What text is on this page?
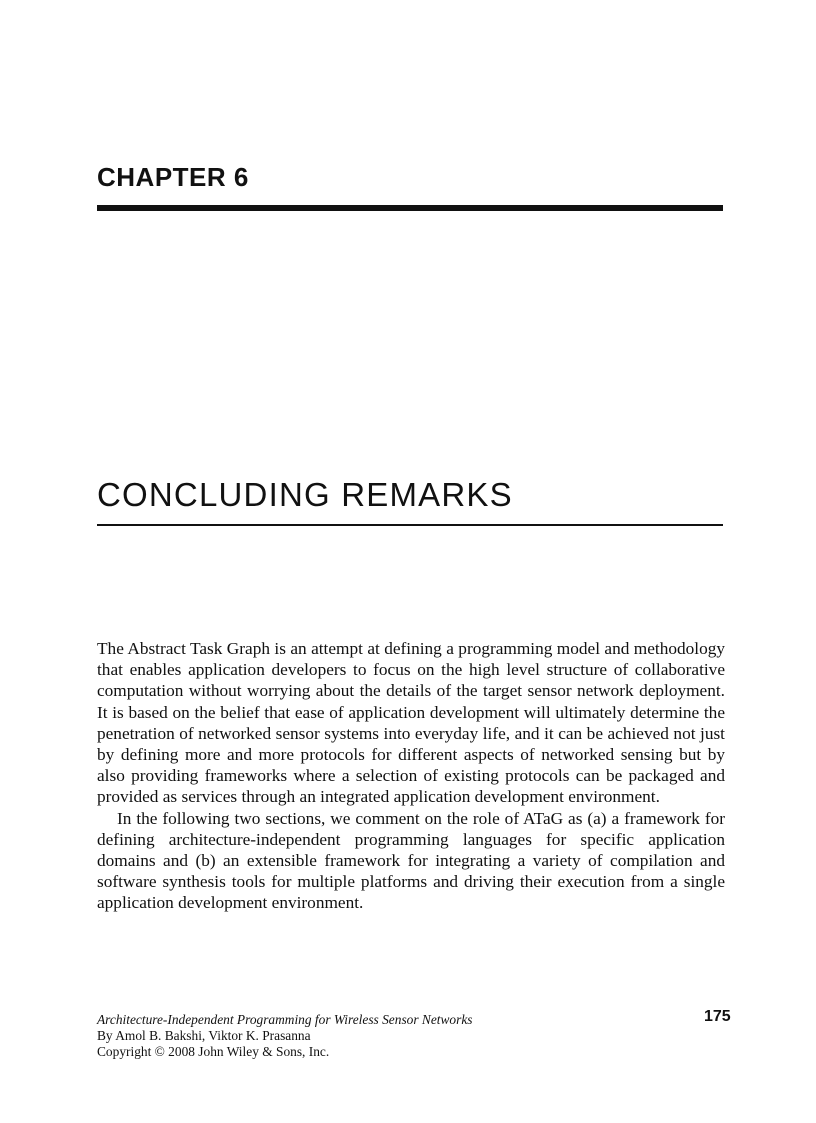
CHAPTER 6
CONCLUDING REMARKS

The Abstract Task Graph is an attempt at defining a programming model and methodology that enables application developers to focus on the high level structure of collaborative computation without worrying about the details of the target sensor network deployment. It is based on the belief that ease of application development will ultimately determine the penetration of networked sensor systems into everyday life, and it can be achieved not just by defining more and more protocols for different aspects of networked sensing but by also providing frameworks where a selection of existing protocols can be packaged and provided as services through an integrated application development environment.

In the following two sections, we comment on the role of ATaG as (a) a framework for defining architecture-independent programming languages for specific application domains and (b) an extensible framework for integrating a variety of compilation and software synthesis tools for multiple platforms and driving their execution from a single application development environment.

175
Architecture-Independent Programming for Wireless Sensor Networks
By Amol B. Bakshi, Viktor K. Prasanna
Copyright © 2008 John Wiley & Sons, Inc.
